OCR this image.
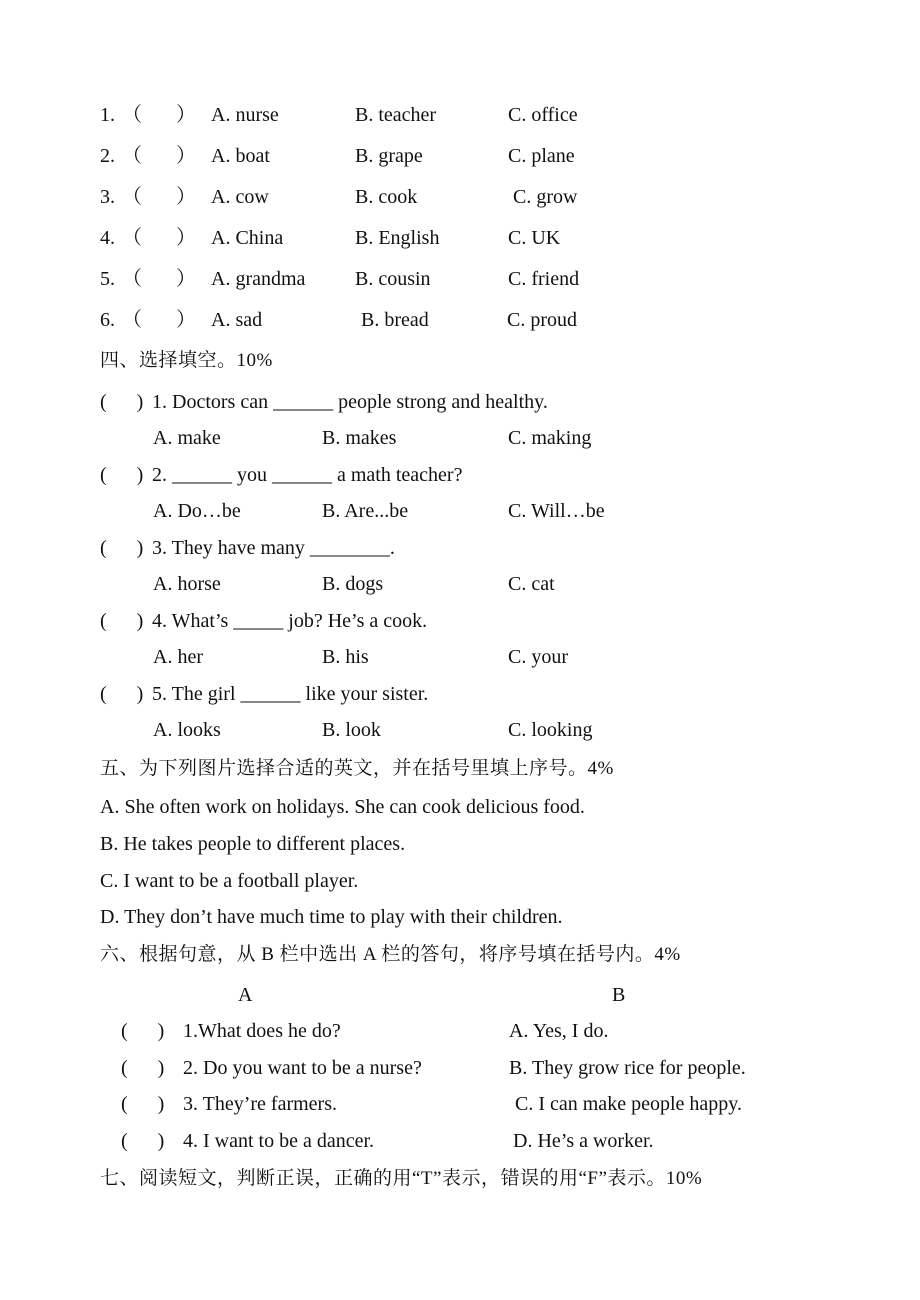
1. （ ） A. nurse	B. teacher	C. office
2. （ ） A. boat	B. grape	C. plane
3. （ ） A. cow	B. cook	C. grow
4. （ ） A. China	B. English	C. UK
5. （ ） A. grandma B. cousin	C. friend
6. （ ） A. sad	B. bread	C. proud
四、选择填空。10%
(      ) 1. Doctors can ______ people strong and healthy.
A. make	B. makes	C. making
(      ) 2. ______ you ______ a math teacher?
A. Do…be	B. Are...be	C. Will…be
(      ) 3. They have many ________.
A. horse	B. dogs	C. cat
(      ) 4. What’s _____ job? He’s a cook.
A. her	B. his	C. your
(      ) 5. The girl ______ like your sister.
A. looks	B. look	C. looking
五、为下列图片选择合适的英文，并在括号里填上序号。4%
A. She often work on holidays. She can cook delicious food.
B. He takes people to different places.
C. I want to be a football player.
D. They don’t have much time to play with their children.
六、根据句意，从 B 栏中选出 A 栏的答句，将序号填在括号内。4%
A	B
(      ) 1.What does he do?	A. Yes, I do.
(      ) 2. Do you want to be a nurse?	B. They grow rice for people.
(      ) 3. They’re farmers.	C. I can make people happy.
(      ) 4. I want to be a dancer.	D. He’s a worker.
七、阅读短文，判断正误，正确的用“T”表示，错误的用“F”表示。10%
